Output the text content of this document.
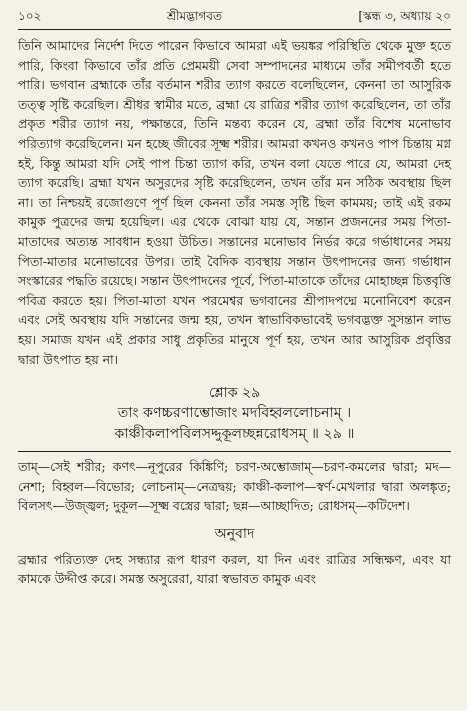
১০২	শ্রীমদ্ভাগবত	[স্কন্ধ ৩, অধ্যায় ২০

তিনি আমাদের নির্দেশ দিতে পারেন কিভাবে আমরা এই ভয়ঙ্কর পরিস্থিতি থেকে মুক্ত হতে পারি, কিংবা কিভাবে তাঁর প্রতি প্রেমময়ী সেবা সম্পাদনের মাধ্যমে তাঁর সমীপবর্তী হতে পারি। ভগবান ব্রহ্মাকে তাঁর বর্তমান শরীর ত্যাগ করতে বলেছিলেন, কেননা তা আসুরিক তত্ত্ব সৃষ্টি করেছিল। শ্রীধর স্বামীর মতে, ব্রহ্মা যে রাত্রির শরীর ত্যাগ করেছিলেন, তা তাঁর প্রকৃত শরীর ত্যাগ নয়, পক্ষান্তরে, তিনি মন্তব্য করেন যে, ব্রহ্মা তাঁর বিশেষ মনোভাব পরিত্যাগ করেছিলেন। মন হচ্ছে জীবের সূক্ষ্ম শরীর। আমরা কখনও কখনও পাপ চিন্তায় মগ্ন হই, কিন্তু আমরা যদি সেই পাপ চিন্তা ত্যাগ করি, তখন বলা যেতে পারে যে, আমরা দেহ ত্যাগ করেছি। ব্রহ্মা যখন অসুরদের সৃষ্টি করেছিলেন, তখন তাঁর মন সঠিক অবস্থায় ছিল না। তা নিশ্চয়ই রজোগুণে পূর্ণ ছিল কেননা তাঁর সমস্ত সৃষ্টি ছিল কামময়; তাই এই রকম কামুক পুত্রদের জন্ম হয়েছিল। এর থেকে বোঝা যায় যে, সন্তান প্রজননের সময় পিতা-মাতাদের অত্যন্ত সাবধান হওয়া উচিত। সন্তানের মনোভাব নির্ভর করে গর্ভাধানের সময় পিতা-মাতার মনোভাবের উপর। তাই বৈদিক ব্যবস্থায় সন্তান উৎপাদনের জন্য গর্ভাধান সংস্কারের পদ্ধতি রয়েছে। সন্তান উৎপাদনের পূর্বে, পিতা-মাতাকে তাঁদের মোহাচ্ছন্ন চিত্তবৃত্তি পবিত্র করতে হয়। পিতা-মাতা যখন পরমেশ্বর ভগবানের শ্রীপাদপদ্মে মনোনিবেশ করেন এবং সেই অবস্থায় যদি সন্তানের জন্ম হয়, তখন স্বাভাবিকভাবেই ভগবদ্ভক্ত সুসন্তান লাভ হয়। সমাজ যখন এই প্রকার সাধু প্রকৃতির মানুষে পূর্ণ হয়, তখন আর আসুরিক প্রবৃত্তির দ্বারা উৎপাত হয় না।

শ্লোক ২৯
তাং কণচ্চরণাম্ভোজাং মদবিহ্বললোচনাম্ ।
কাঞ্চীকলাপবিলসদ্দুকূলচ্ছন্নরোধসম্ ॥ ২৯ ॥

তাম্—সেই শরীর; কণৎ—নূপুরের কিঙ্কিণি; চরণ-অম্ভোজাম্—চরণ-কমলের দ্বারা; মদ—নেশা; বিহ্বল—বিভোর; লোচনাম্—নেত্রদ্বয়; কাঞ্চী-কলাপ—স্বর্ণ-মেখলার দ্বারা অলঙ্কৃত; বিলসৎ—উজ্জ্বল; দুকূল—সূক্ষ্ম বস্ত্রের দ্বারা; ছন্ন—আচ্ছাদিত; রোধসম্—কটিদেশ।

অনুবাদ

ব্রহ্মার পরিত্যক্ত দেহ সন্ধ্যার রূপ ধারণ করল, যা দিন এবং রাত্রির সন্ধিক্ষণ, এবং যা কামকে উদ্দীপ্ত করে। সমস্ত অসুরেরা, যারা স্বভাবত কামুক এবং
